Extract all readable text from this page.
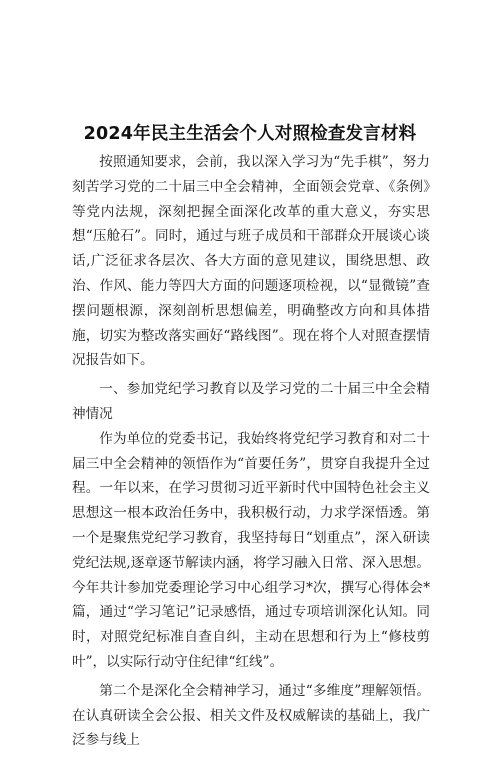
2024年民主生活会个人对照检查发言材料

按照通知要求，会前，我以深入学习为“先手棋”，努力刻苦学习党的二十届三中全会精神，全面领会党章、《条例》等党内法规，深刻把握全面深化改革的重大意义，夯实思想“压舱石”。同时，通过与班子成员和干部群众开展谈心谈话,广泛征求各层次、各大方面的意见建议，围绕思想、政治、作风、能力等四大方面的问题逐项检视，以“显微镜”查摆问题根源，深刻剖析思想偏差，明确整改方向和具体措施，切实为整改落实画好“路线图”。现在将个人对照查摆情况报告如下。

一、参加党纪学习教育以及学习党的二十届三中全会精神情况

作为单位的党委书记，我始终将党纪学习教育和对二十届三中全会精神的领悟作为“首要任务”，贯穿自我提升全过程。一年以来，在学习贯彻习近平新时代中国特色社会主义思想这一根本政治任务中，我积极行动，力求学深悟透。第一个是聚焦党纪学习教育，我坚持每日“划重点”，深入研读党纪法规,逐章逐节解读内涵，将学习融入日常、深入思想。今年共计参加党委理论学习中心组学习*次，撰写心得体会*篇，通过“学习笔记”记录感悟，通过专项培训深化认知。同时，对照党纪标准自查自纠，主动在思想和行为上“修枝剪叶”，以实际行动守住纪律“红线”。

第二个是深化全会精神学习，通过“多维度”理解领悟。在认真研读全会公报、相关文件及权威解读的基础上，我广泛参与线上
